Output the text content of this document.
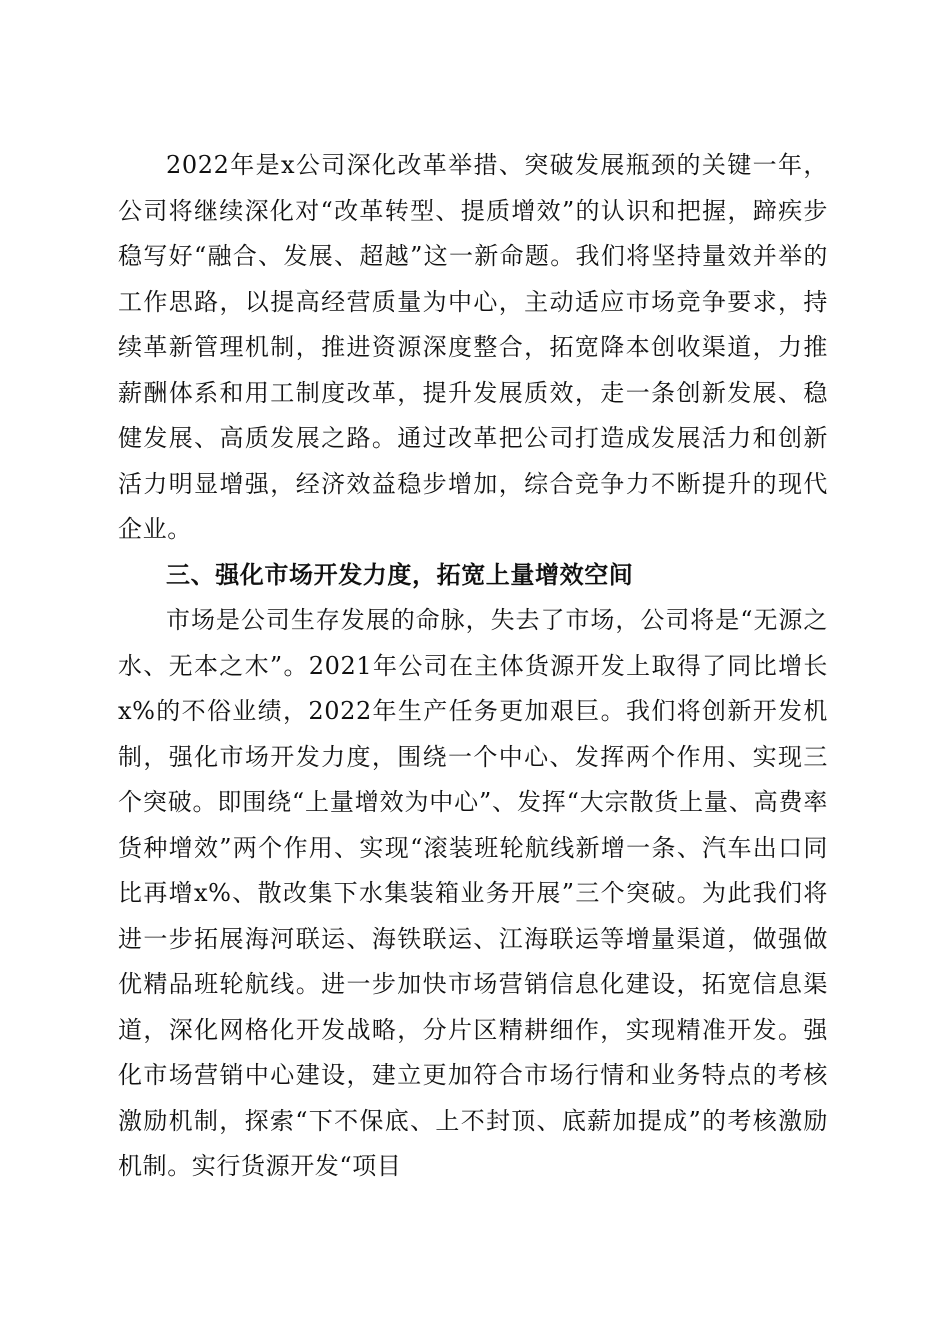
2022年是x公司深化改革举措、突破发展瓶颈的关键一年，公司将继续深化对“改革转型、提质增效”的认识和把握，蹄疾步稳写好“融合、发展、超越”这一新命题。我们将坚持量效并举的工作思路，以提高经营质量为中心，主动适应市场竞争要求，持续革新管理机制，推进资源深度整合，拓宽降本创收渠道，力推薪酬体系和用工制度改革，提升发展质效，走一条创新发展、稳健发展、高质发展之路。通过改革把公司打造成发展活力和创新活力明显增强，经济效益稳步增加，综合竞争力不断提升的现代企业。

三、强化市场开发力度，拓宽上量增效空间

市场是公司生存发展的命脉，失去了市场，公司将是“无源之水、无本之木”。2021年公司在主体货源开发上取得了同比增长x%的不俗业绩，2022年生产任务更加艰巨。我们将创新开发机制，强化市场开发力度，围绕一个中心、发挥两个作用、实现三个突破。即围绕“上量增效为中心”、发挥“大宗散货上量、高费率货种增效”两个作用、实现“滚装班轮航线新增一条、汽车出口同比再增x%、散改集下水集装箱业务开展”三个突破。为此我们将进一步拓展海河联运、海铁联运、江海联运等增量渠道，做强做优精品班轮航线。进一步加快市场营销信息化建设，拓宽信息渠道，深化网格化开发战略，分片区精耕细作，实现精准开发。强化市场营销中心建设，建立更加符合市场行情和业务特点的考核激励机制，探索“下不保底、上不封顶、底薪加提成”的考核激励机制。实行货源开发“项目
